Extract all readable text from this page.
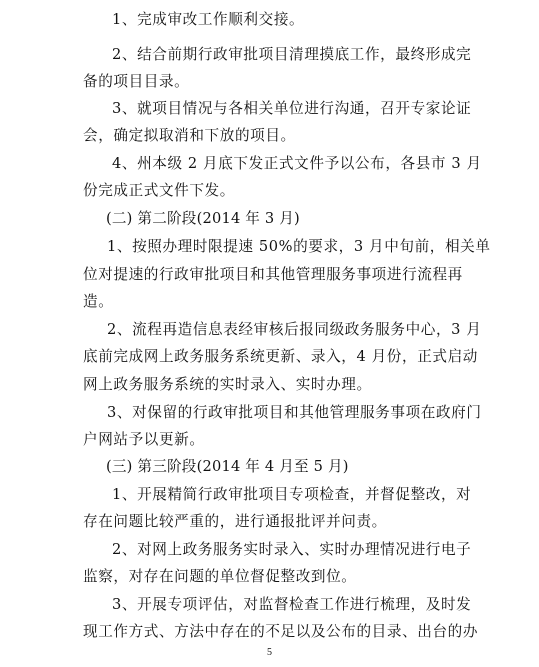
1、完成审改工作顺利交接。
2、结合前期行政审批项目清理摸底工作，最终形成完
备的项目目录。
3、就项目情况与各相关单位进行沟通，召开专家论证
会，确定拟取消和下放的项目。
4、州本级 2 月底下发正式文件予以公布，各县市 3 月
份完成正式文件下发。
(二) 第二阶段(2014 年 3 月)
1、按照办理时限提速 50%的要求，3 月中旬前，相关单
位对提速的行政审批项目和其他管理服务事项进行流程再
造。
2、流程再造信息表经审核后报同级政务服务中心，3 月
底前完成网上政务服务系统更新、录入，4 月份，正式启动
网上政务服务系统的实时录入、实时办理。
3、对保留的行政审批项目和其他管理服务事项在政府门
户网站予以更新。
(三) 第三阶段(2014 年 4 月至 5 月)
1、开展精简行政审批项目专项检查，并督促整改，对
存在问题比较严重的，进行通报批评并问责。
2、对网上政务服务实时录入、实时办理情况进行电子
监察，对存在问题的单位督促整改到位。
3、开展专项评估，对监督检查工作进行梳理，及时发
现工作方式、方法中存在的不足以及公布的目录、出台的办
5
